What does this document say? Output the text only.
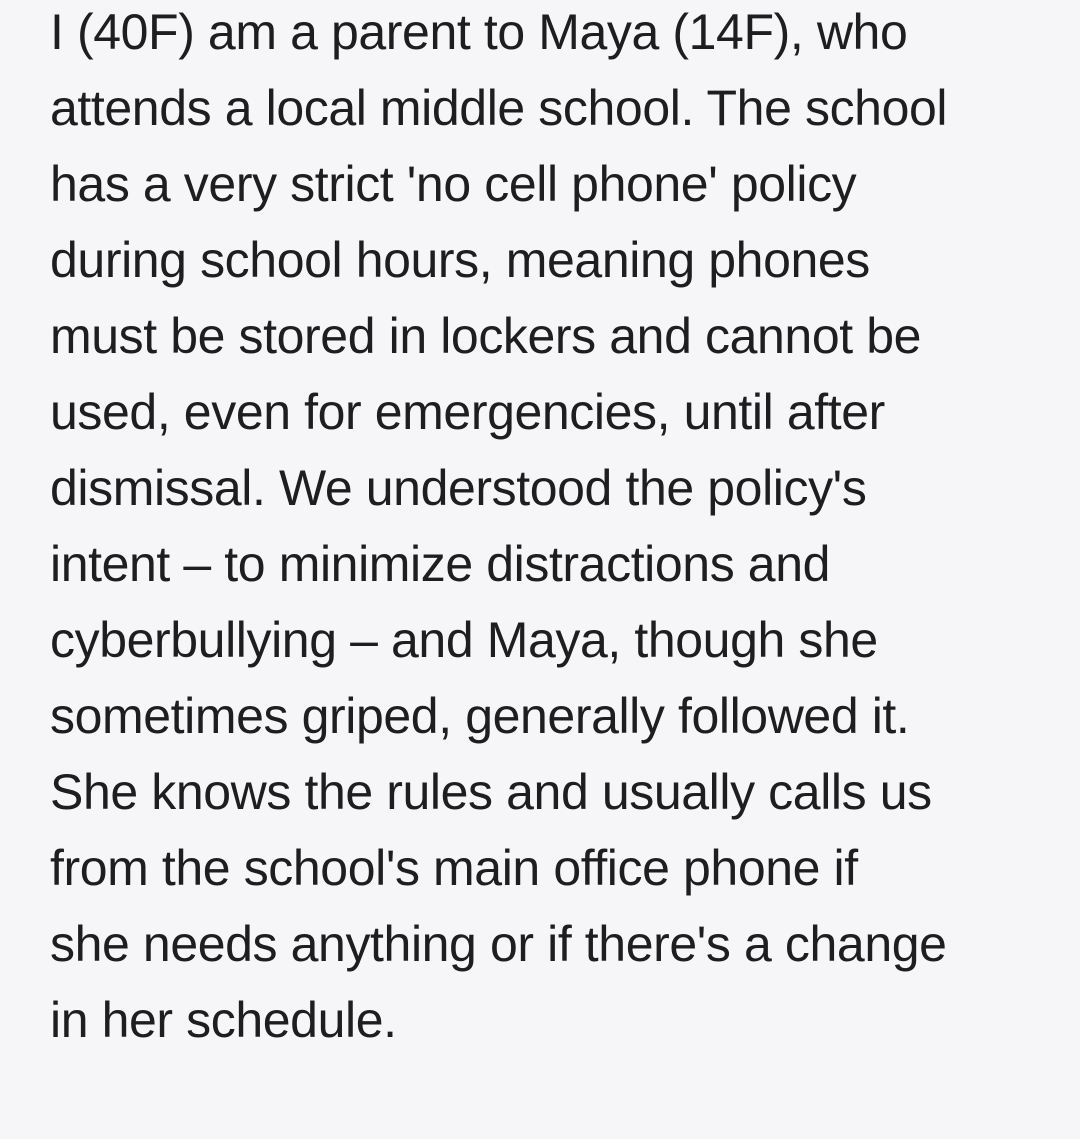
I (40F) am a parent to Maya (14F), who
attends a local middle school. The school
has a very strict 'no cell phone' policy
during school hours, meaning phones
must be stored in lockers and cannot be
used, even for emergencies, until after
dismissal. We understood the policy's
intent – to minimize distractions and
cyberbullying – and Maya, though she
sometimes griped, generally followed it.
She knows the rules and usually calls us
from the school's main office phone if
she needs anything or if there's a change
in her schedule.
